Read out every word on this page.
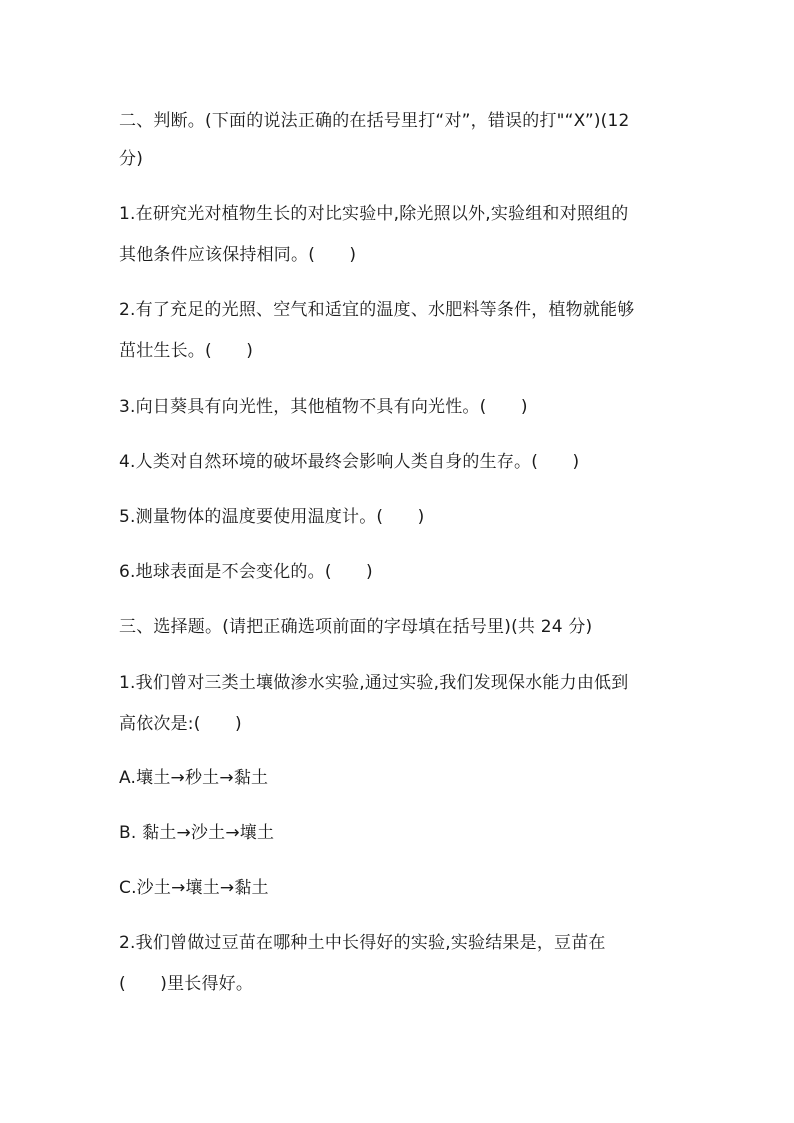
二、判断。(下面的说法正确的在括号里打“对”，错误的打"“X”)(12
分)
1.在研究光对植物生长的对比实验中,除光照以外,实验组和对照组的
其他条件应该保持相同。(　　)
2.有了充足的光照、空气和适宜的温度、水肥料等条件，植物就能够
茁壮生长。(　　)
3.向日葵具有向光性，其他植物不具有向光性。(　　)
4.人类对自然环境的破坏最终会影响人类自身的生存。(　　)
5.测量物体的温度要使用温度计。(　　)
6.地球表面是不会变化的。(　　)
三、选择题。(请把正确选项前面的字母填在括号里)(共 24 分)
1.我们曾对三类土壤做渗水实验,通过实验,我们发现保水能力由低到
高依次是:(　　)
A.壤土→秒土→黏土
B. 黏土→沙土→壤土
C.沙土→壤土→黏土
2.我们曾做过豆苗在哪种土中长得好的实验,实验结果是，豆苗在
(　　)里长得好。
